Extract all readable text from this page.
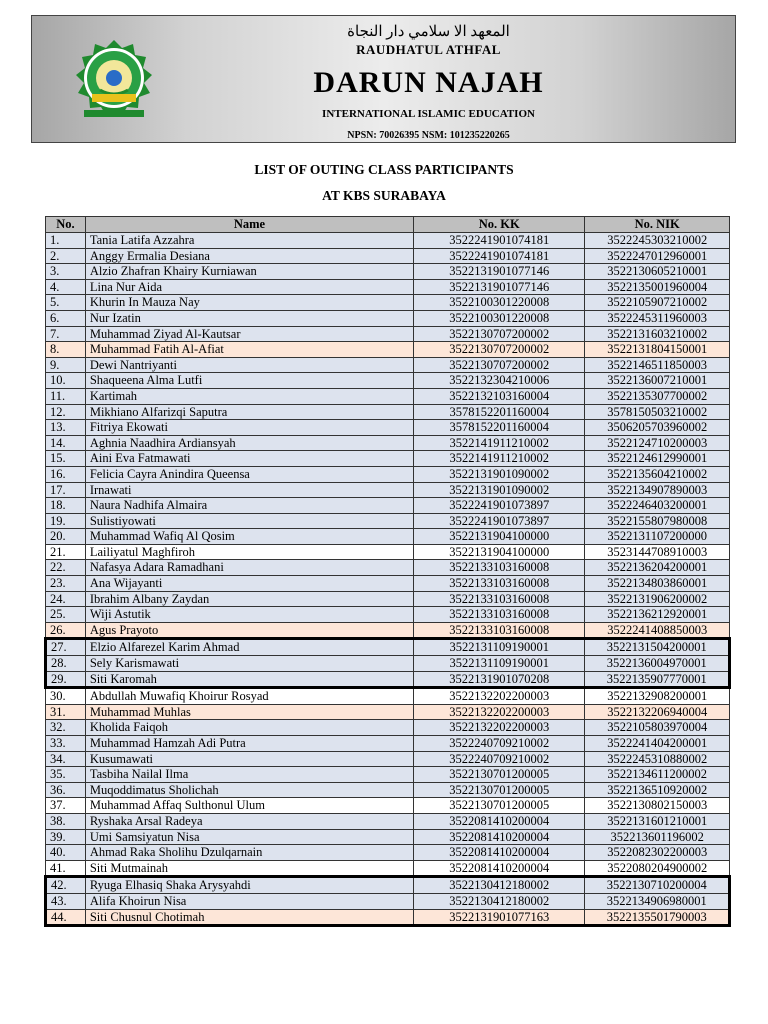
المعهد الا سلامي دار النجاة
RAUDHATUL ATHFAL
DARUN NAJAH
INTERNATIONAL ISLAMIC EDUCATION
NPSN: 70026395 NSM: 101235220265
LIST OF OUTING CLASS PARTICIPANTS
AT KBS SURABAYA
No.	Name	No. KK	No. NIK
1.	Tania Latifa Azzahra	3522241901074181	3522245303210002
2.	Anggy Ermalia Desiana	3522241901074181	3522247012960001
3.	Alzio Zhafran Khairy Kurniawan	3522131901077146	3522130605210001
4.	Lina Nur Aida	3522131901077146	3522135001960004
5.	Khurin In Mauza Nay	3522100301220008	3522105907210002
6.	Nur Izatin	3522100301220008	3522245311960003
7.	Muhammad Ziyad Al-Kautsar	3522130707200002	3522131603210002
8.	Muhammad Fatih Al-Afiat	3522130707200002	3522131804150001
9.	Dewi Nantriyanti	3522130707200002	3522146511850003
10.	Shaqueena Alma Lutfi	3522132304210006	3522136007210001
11.	Kartimah	3522132103160004	3522135307700002
12.	Mikhiano Alfarizqi Saputra	3578152201160004	3578150503210002
13.	Fitriya Ekowati	3578152201160004	3506205703960002
14.	Aghnia Naadhira Ardiansyah	3522141911210002	3522124710200003
15.	Aini Eva Fatmawati	3522141911210002	3522124612990001
16.	Felicia Cayra Anindira Queensa	3522131901090002	3522135604210002
17.	Irnawati	3522131901090002	3522134907890003
18.	Naura Nadhifa Almaira	3522241901073897	3522246403200001
19.	Sulistiyowati	3522241901073897	3522155807980008
20.	Muhammad Wafiq Al Qosim	3522131904100000	3522131107200000
21.	Lailiyatul Maghfiroh	3522131904100000	3523144708910003
22.	Nafasya Adara Ramadhani	3522133103160008	3522136204200001
23.	Ana Wijayanti	3522133103160008	3522134803860001
24.	Ibrahim Albany Zaydan	3522133103160008	3522131906200002
25.	Wiji Astutik	3522133103160008	3522136212920001
26.	Agus Prayoto	3522133103160008	3522241408850003
27.	Elzio Alfarezel Karim Ahmad	3522131109190001	3522131504200001
28.	Sely Karismawati	3522131109190001	3522136004970001
29.	Siti Karomah	3522131901070208	3522135907770001
30.	Abdullah Muwafiq Khoirur Rosyad	3522132202200003	3522132908200001
31.	Muhammad Muhlas	3522132202200003	3522132206940004
32.	Kholida Faiqoh	3522132202200003	3522105803970004
33.	Muhammad Hamzah Adi Putra	3522240709210002	3522241404200001
34.	Kusumawati	3522240709210002	3522245310880002
35.	Tasbiha Nailal Ilma	3522130701200005	3522134611200002
36.	Muqoddimatus Sholichah	3522130701200005	3522136510920002
37.	Muhammad Affaq Sulthonul Ulum	3522130701200005	3522130802150003
38.	Ryshaka Arsal Radeya	3522081410200004	3522131601210001
39.	Umi Samsiyatun Nisa	3522081410200004	352213601196002
40.	Ahmad Raka Sholihu Dzulqarnain	3522081410200004	3522082302200003
41.	Siti Mutmainah	3522081410200004	3522080204900002
42.	Ryuga Elhasiq Shaka Arysyahdi	3522130412180002	3522130710200004
43.	Alifa Khoirun Nisa	3522130412180002	3522134906980001
44.	Siti Chusnul Chotimah	3522131901077163	3522135501790003
